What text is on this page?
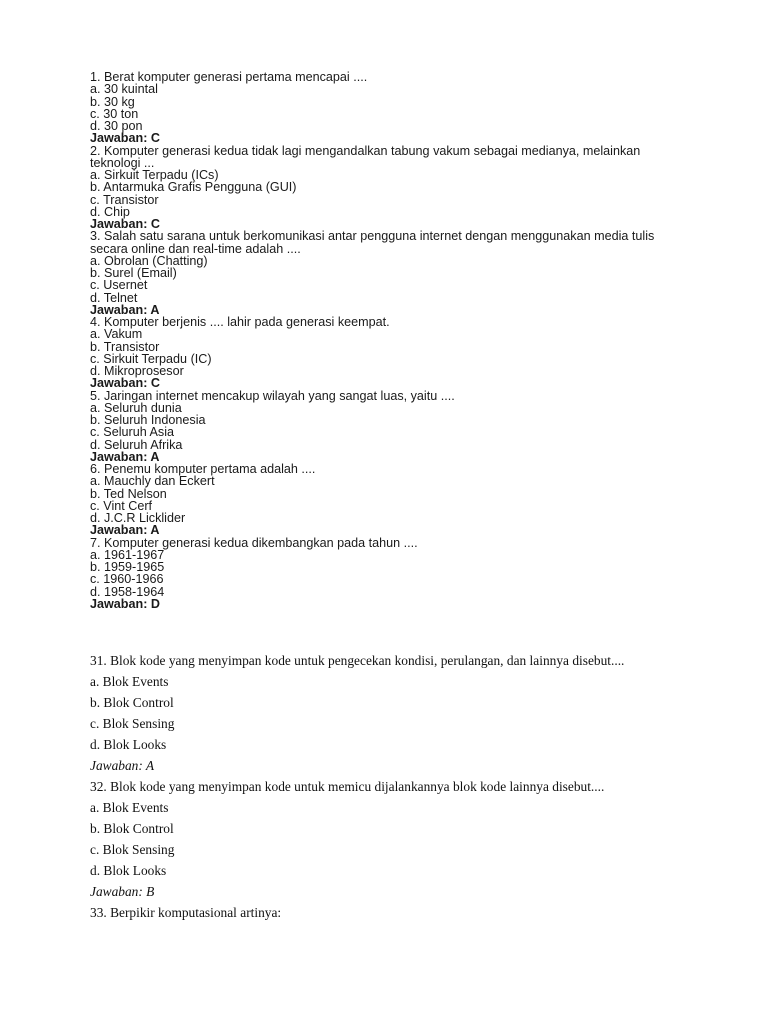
1. Berat komputer generasi pertama mencapai ....
a. 30 kuintal
b. 30 kg
c. 30 ton
d. 30 pon
Jawaban: C
2. Komputer generasi kedua tidak lagi mengandalkan tabung vakum sebagai medianya, melainkan teknologi ...
a. Sirkuit Terpadu (ICs)
b. Antarmuka Grafis Pengguna (GUI)
c. Transistor
d. Chip
Jawaban: C
3. Salah satu sarana untuk berkomunikasi antar pengguna internet dengan menggunakan media tulis secara online dan real-time adalah ....
a. Obrolan (Chatting)
b. Surel (Email)
c. Usernet
d. Telnet
Jawaban: A
4. Komputer berjenis .... lahir pada generasi keempat.
a. Vakum
b. Transistor
c. Sirkuit Terpadu (IC)
d. Mikroprosesor
Jawaban: C
5. Jaringan internet mencakup wilayah yang sangat luas, yaitu ....
a. Seluruh dunia
b. Seluruh Indonesia
c. Seluruh Asia
d. Seluruh Afrika
Jawaban: A
6. Penemu komputer pertama adalah ....
a. Mauchly dan Eckert
b. Ted Nelson
c. Vint Cerf
d. J.C.R Licklider
Jawaban: A
7. Komputer generasi kedua dikembangkan pada tahun ....
a. 1961-1967
b. 1959-1965
c. 1960-1966
d. 1958-1964
Jawaban: D
31. Blok kode yang menyimpan kode untuk pengecekan kondisi, perulangan, dan lainnya disebut....
a. Blok Events
b. Blok Control
c. Blok Sensing
d. Blok Looks
Jawaban: A
32. Blok kode yang menyimpan kode untuk memicu dijalankannya blok kode lainnya disebut....
a. Blok Events
b. Blok Control
c. Blok Sensing
d. Blok Looks
Jawaban: B
33. Berpikir komputasional artinya:
